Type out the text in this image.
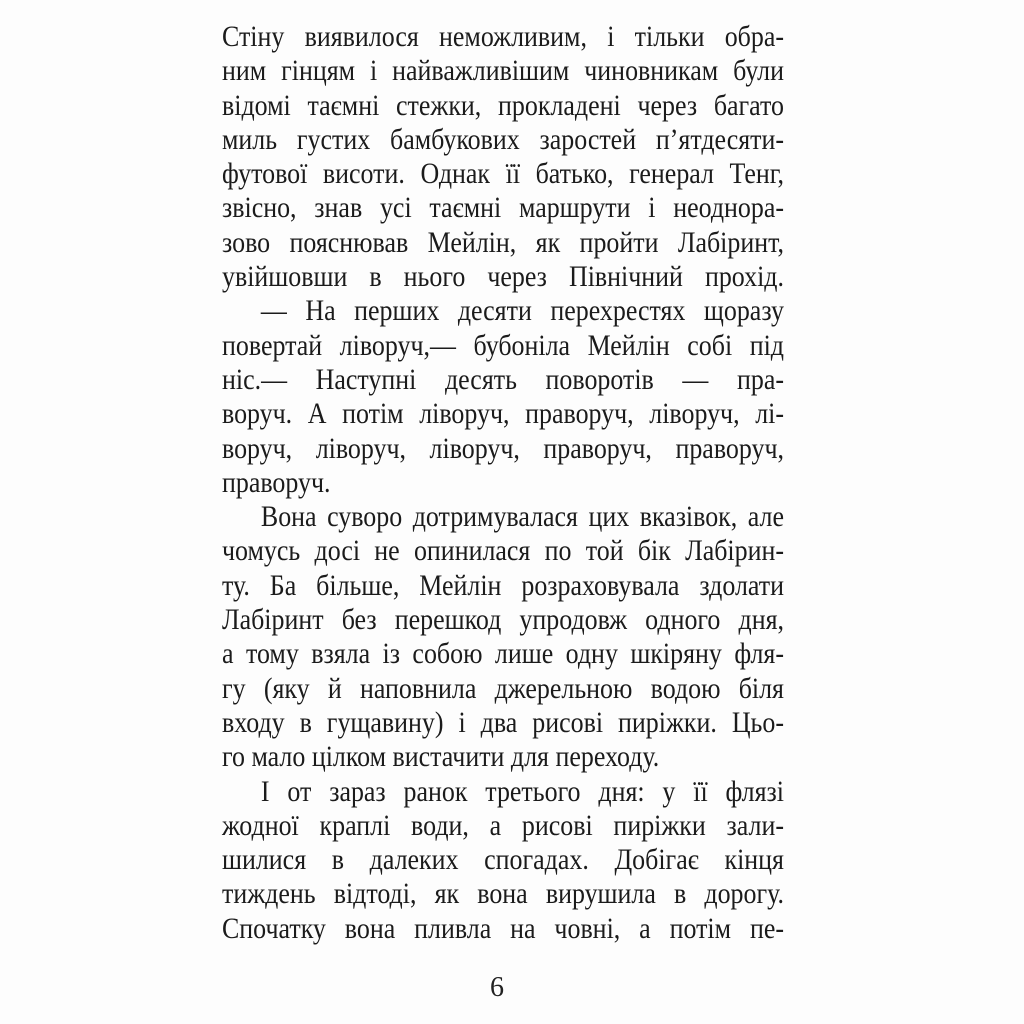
Стіну виявилося неможливим, і тільки обра-
ним гінцям і найважливішим чиновникам були
відомі таємні стежки, прокладені через багато
миль густих бамбукових заростей п’ятдесяти-
футової висоти. Однак її батько, генерал Тенг,
звісно, знав усі таємні маршрути і неоднора-
зово пояснював Мейлін, як пройти Лабіринт,
увійшовши в нього через Північний прохід.
— На перших десяти перехрестях щоразу
повертай ліворуч,— бубоніла Мейлін собі під
ніс.— Наступні десять поворотів — пра-
воруч. А потім ліворуч, праворуч, ліворуч, лі-
воруч, ліворуч, ліворуч, праворуч, праворуч,
праворуч.
Вона суворо дотримувалася цих вказівок, але
чомусь досі не опинилася по той бік Лабірин-
ту. Ба більше, Мейлін розраховувала здолати
Лабіринт без перешкод упродовж одного дня,
а тому взяла із собою лише одну шкіряну фля-
гу (яку й наповнила джерельною водою біля
входу в гущавину) і два рисові пиріжки. Цьо-
го мало цілком вистачити для переходу.
І от зараз ранок третього дня: у її флязі
жодної краплі води, а рисові пиріжки зали-
шилися в далеких спогадах. Добігає кінця
тиждень відтоді, як вона вирушила в дорогу.
Спочатку вона пливла на човні, а потім пе-
6
